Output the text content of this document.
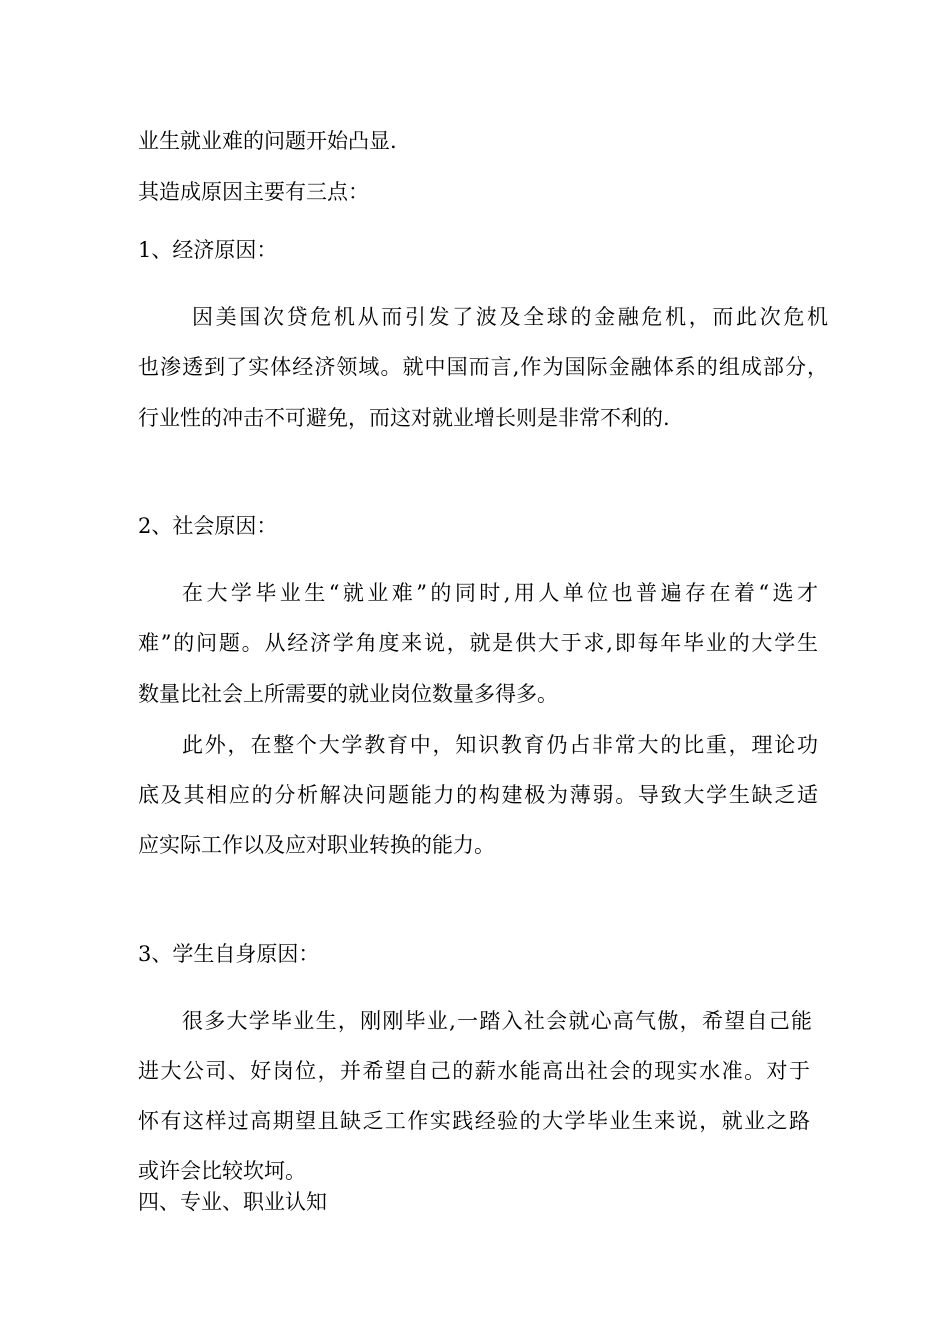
业生就业难的问题开始凸显.
其造成原因主要有三点：
1、经济原因：
因美国次贷危机从而引发了波及全球的金融危机，而此次危机
也渗透到了实体经济领域。就中国而言,作为国际金融体系的组成部分，
行业性的冲击不可避免，而这对就业增长则是非常不利的.
2、社会原因：
在大学毕业生“就业难”的同时,用人单位也普遍存在着“选才
难”的问题。从经济学角度来说，就是供大于求,即每年毕业的大学生
数量比社会上所需要的就业岗位数量多得多。
此外，在整个大学教育中，知识教育仍占非常大的比重，理论功
底及其相应的分析解决问题能力的构建极为薄弱。导致大学生缺乏适
应实际工作以及应对职业转换的能力。
3、学生自身原因：
很多大学毕业生，刚刚毕业,一踏入社会就心高气傲，希望自己能
进大公司、好岗位，并希望自己的薪水能高出社会的现实水准。对于
怀有这样过高期望且缺乏工作实践经验的大学毕业生来说，就业之路
或许会比较坎坷。
四、专业、职业认知
